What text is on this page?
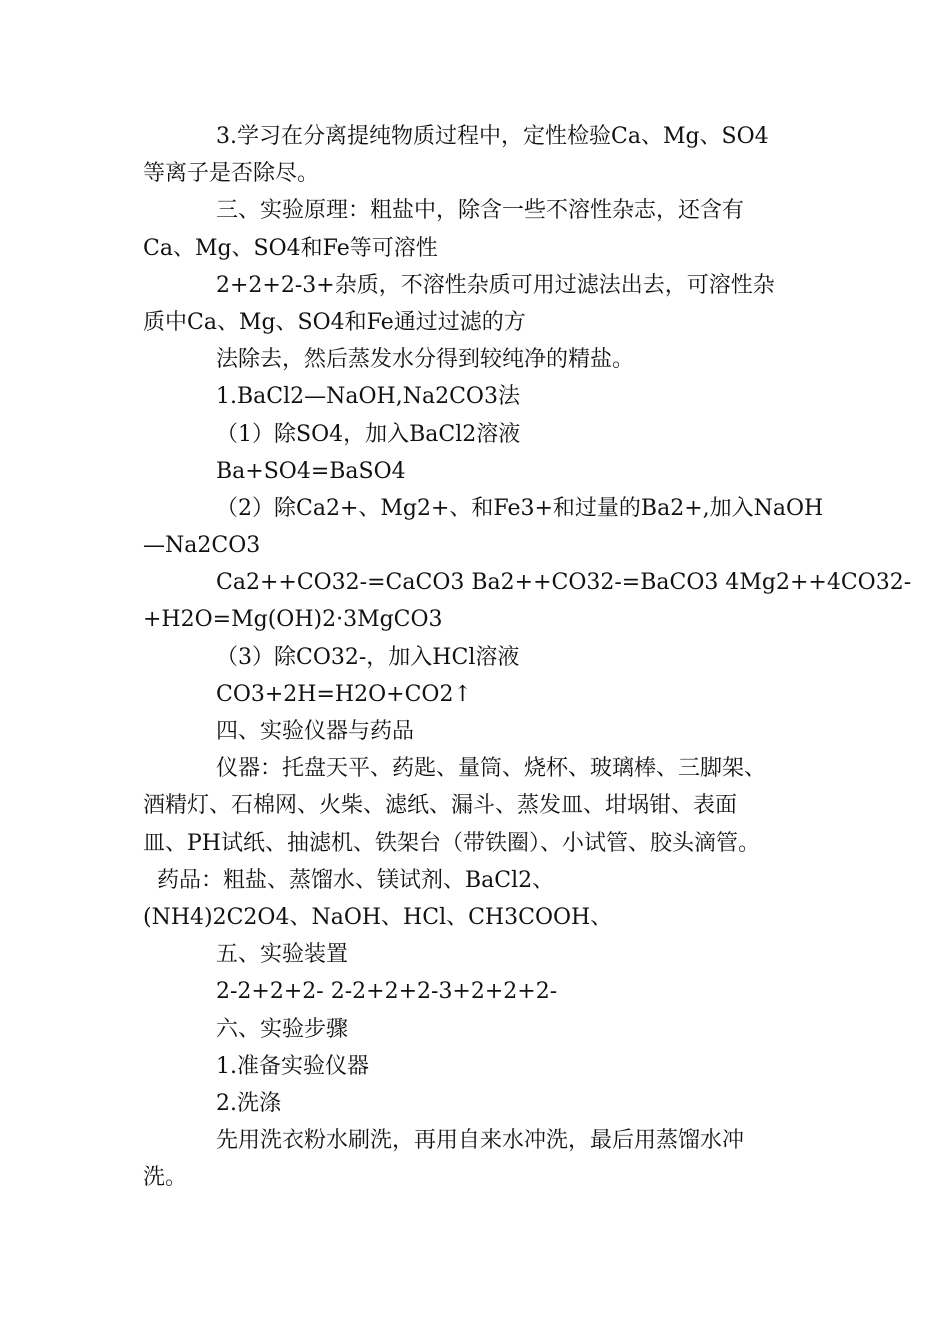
3.学习在分离提纯物质过程中，定性检验Ca、Mg、SO4

等离子是否除尽。

三、实验原理：粗盐中，除含一些不溶性杂志，还含有

Ca、Mg、SO4和Fe等可溶性

2+2+2-3+杂质，不溶性杂质可用过滤法出去，可溶性杂

质中Ca、Mg、SO4和Fe通过过滤的方

法除去，然后蒸发水分得到较纯净的精盐。

1.BaCl2—NaOH,Na2CO3法

（1）除SO4，加入BaCl2溶液

Ba+SO4=BaSO4

（2）除Ca2+、Mg2+、和Fe3+和过量的Ba2+,加入NaOH

—Na2CO3

Ca2++CO32-=CaCO3 Ba2++CO32-=BaCO3 4Mg2++4CO32-

+H2O=Mg(OH)2·3MgCO3

（3）除CO32-，加入HCl溶液

CO3+2H=H2O+CO2↑

四、实验仪器与药品

仪器：托盘天平、药匙、量筒、烧杯、玻璃棒、三脚架、

酒精灯、石棉网、火柴、滤纸、漏斗、蒸发皿、坩埚钳、表面

皿、PH试纸、抽滤机、铁架台（带铁圈）、小试管、胶头滴管。

药品：粗盐、蒸馏水、镁试剂、BaCl2、

(NH4)2C2O4、NaOH、HCl、CH3COOH、

五、实验装置

2-2+2+2- 2-2+2+2-3+2+2+2-

六、实验步骤

1.准备实验仪器

2.洗涤

先用洗衣粉水刷洗，再用自来水冲洗，最后用蒸馏水冲

洗。
